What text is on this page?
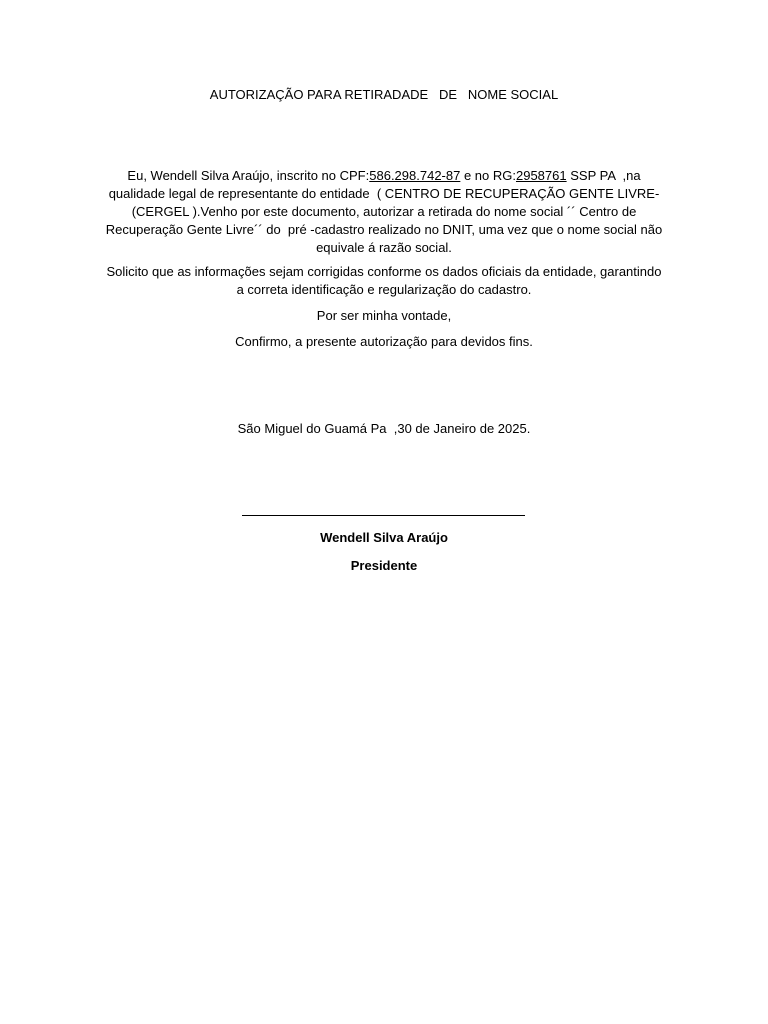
AUTORIZAÇÃO PARA RETIRADADE   DE   NOME SOCIAL

Eu, Wendell Silva Araújo, inscrito no CPF:586.298.742-87 e no RG:2958761 SSP PA  ,na qualidade legal de representante do entidade  ( CENTRO DE RECUPERAÇÃO GENTE LIVRE- (CERGEL ).Venho por este documento, autorizar a retirada do nome social ´´ Centro de Recuperação Gente Livre´´ do  pré -cadastro realizado no DNIT, uma vez que o nome social não equivale á razão social.

Solicito que as informações sejam corrigidas conforme os dados oficiais da entidade, garantindo a correta identificação e regularização do cadastro.

Por ser minha vontade,

Confirmo, a presente autorização para devidos fins.

São Miguel do Guamá Pa  ,30 de Janeiro de 2025.
Wendell Silva Araújo
Presidente
